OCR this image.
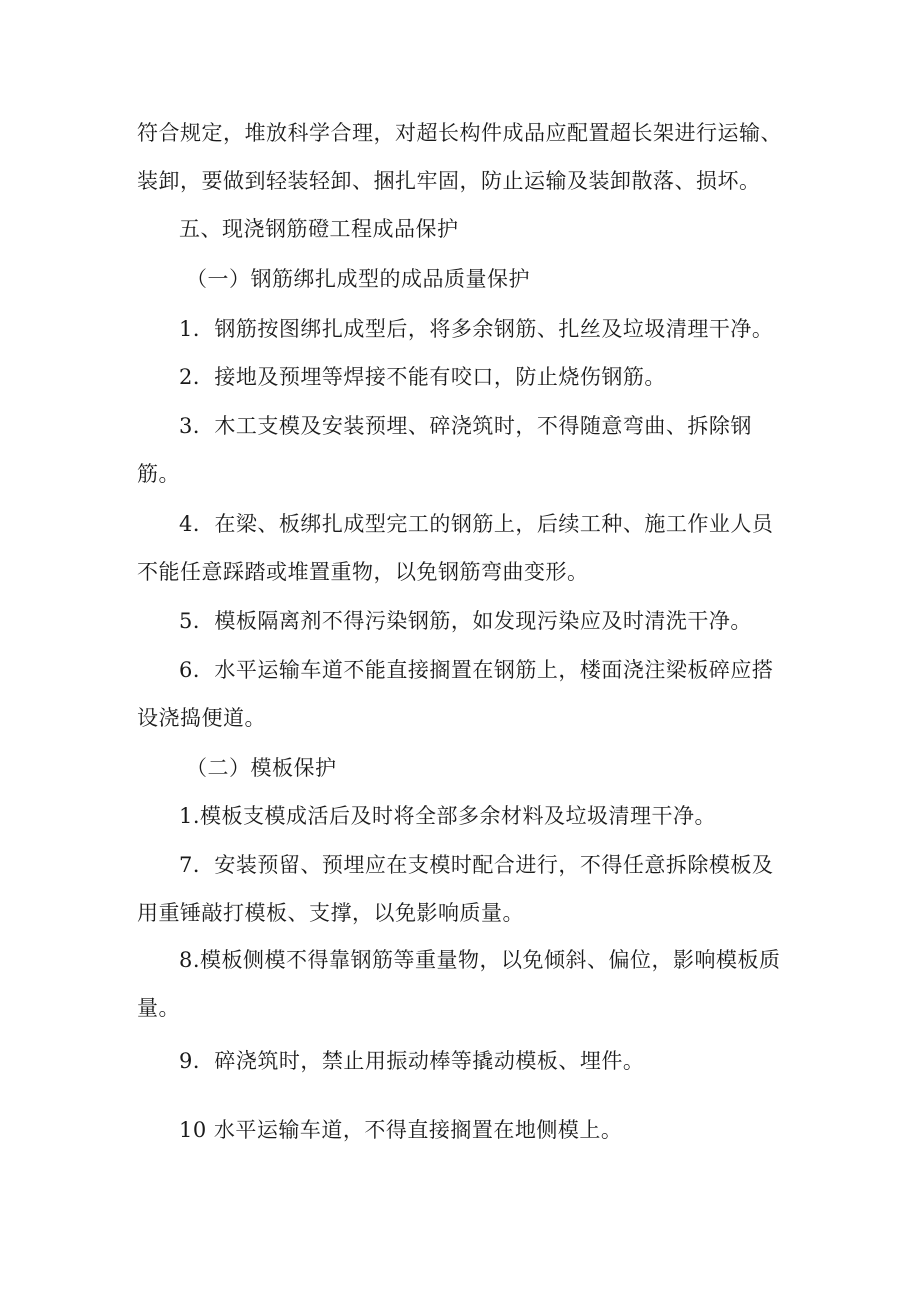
符合规定，堆放科学合理，对超长构件成品应配置超长架进行运输、
装卸，要做到轻装轻卸、捆扎牢固，防止运输及装卸散落、损坏。
五、现浇钢筋磴工程成品保护
（一）钢筋绑扎成型的成品质量保护
1．钢筋按图绑扎成型后，将多余钢筋、扎丝及垃圾清理干净。
2．接地及预埋等焊接不能有咬口，防止烧伤钢筋。
3．木工支模及安装预埋、碎浇筑时，不得随意弯曲、拆除钢
筋。
4．在梁、板绑扎成型完工的钢筋上，后续工种、施工作业人员
不能任意踩踏或堆置重物，以免钢筋弯曲变形。
5．模板隔离剂不得污染钢筋，如发现污染应及时清洗干净。
6．水平运输车道不能直接搁置在钢筋上，楼面浇注梁板碎应搭
设浇捣便道。
（二）模板保护
1.模板支模成活后及时将全部多余材料及垃圾清理干净。
7．安装预留、预埋应在支模时配合进行，不得任意拆除模板及
用重锤敲打模板、支撑，以免影响质量。
8.模板侧模不得靠钢筋等重量物，以免倾斜、偏位，影响模板质
量。
9．碎浇筑时，禁止用振动棒等撬动模板、埋件。
10 水平运输车道，不得直接搁置在地侧模上。
